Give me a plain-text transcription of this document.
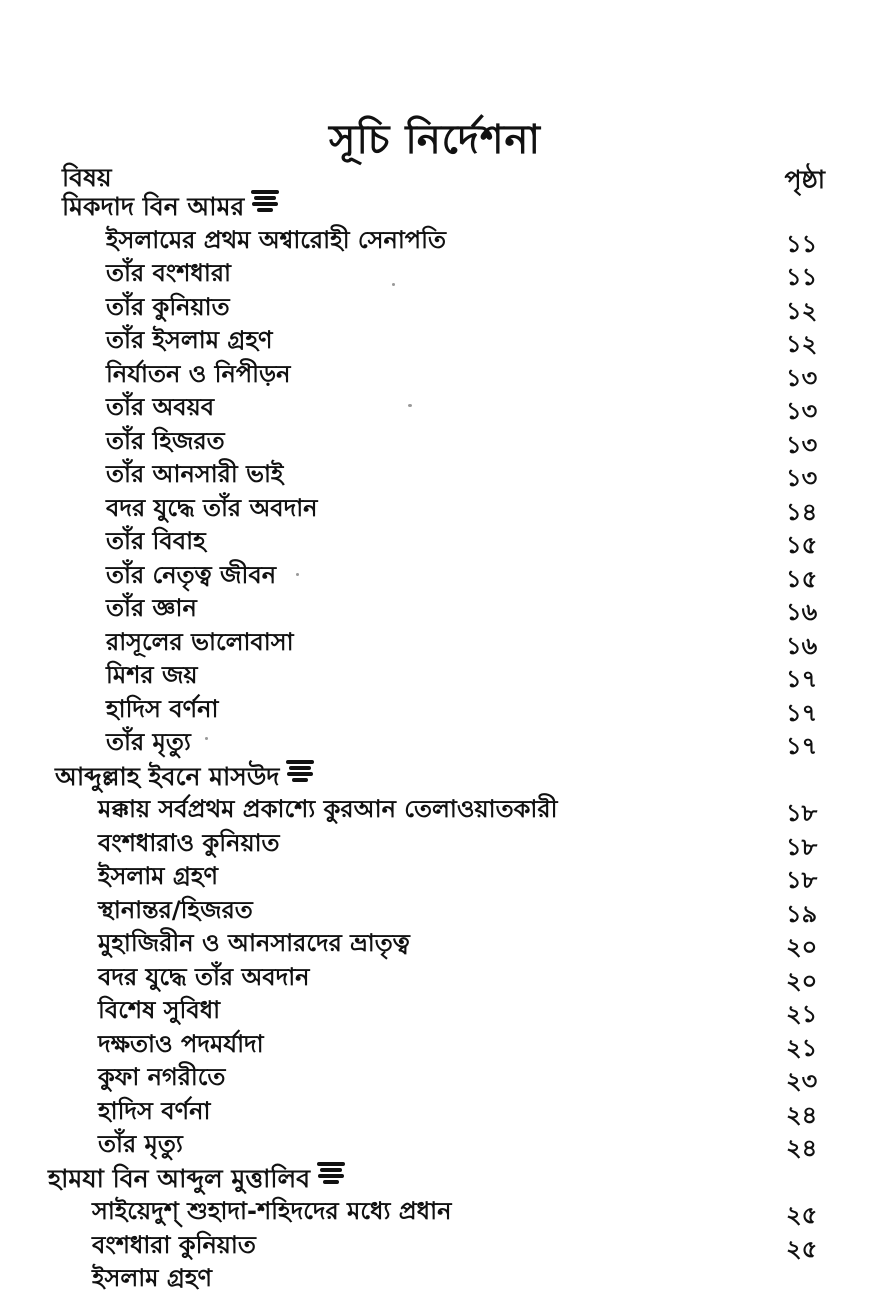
সূচি নির্দেশনা
বিষয়	পৃষ্ঠা
মিকদাদ বিন আমর
ইসলামের প্রথম অশ্বারোহী সেনাপতি	১১
তাঁর বংশধারা	১১
তাঁর কুনিয়াত	১২
তাঁর ইসলাম গ্রহণ	১২
নির্যাতন ও নিপীড়ন	১৩
তাঁর অবয়ব	১৩
তাঁর হিজরত	১৩
তাঁর আনসারী ভাই	১৩
বদর যুদ্ধে তাঁর অবদান	১৪
তাঁর বিবাহ	১৫
তাঁর নেতৃত্ব জীবন	১৫
তাঁর জ্ঞান	১৬
রাসূলের ভালোবাসা	১৬
মিশর জয়	১৭
হাদিস বর্ণনা	১৭
তাঁর মৃত্যু	১৭
আব্দুল্লাহ ইবনে মাসউদ
মক্কায় সর্বপ্রথম প্রকাশ্যে কুরআন তেলাওয়াতকারী	১৮
বংশধারাও কুনিয়াত	১৮
ইসলাম গ্রহণ	১৮
স্থানান্তর/হিজরত	১৯
মুহাজিরীন ও আনসারদের ভ্রাতৃত্ব	২০
বদর যুদ্ধে তাঁর অবদান	২০
বিশেষ সুবিধা	২১
দক্ষতাও পদমর্যাদা	২১
কুফা নগরীতে	২৩
হাদিস বর্ণনা	২৪
তাঁর মৃত্যু	২৪
হামযা বিন আব্দুল মুত্তালিব
সাইয়েদুশ্ শুহাদা-শহিদদের মধ্যে প্রধান	২৫
বংশধারা কুনিয়াত	২৫
ইসলাম গ্রহণ
